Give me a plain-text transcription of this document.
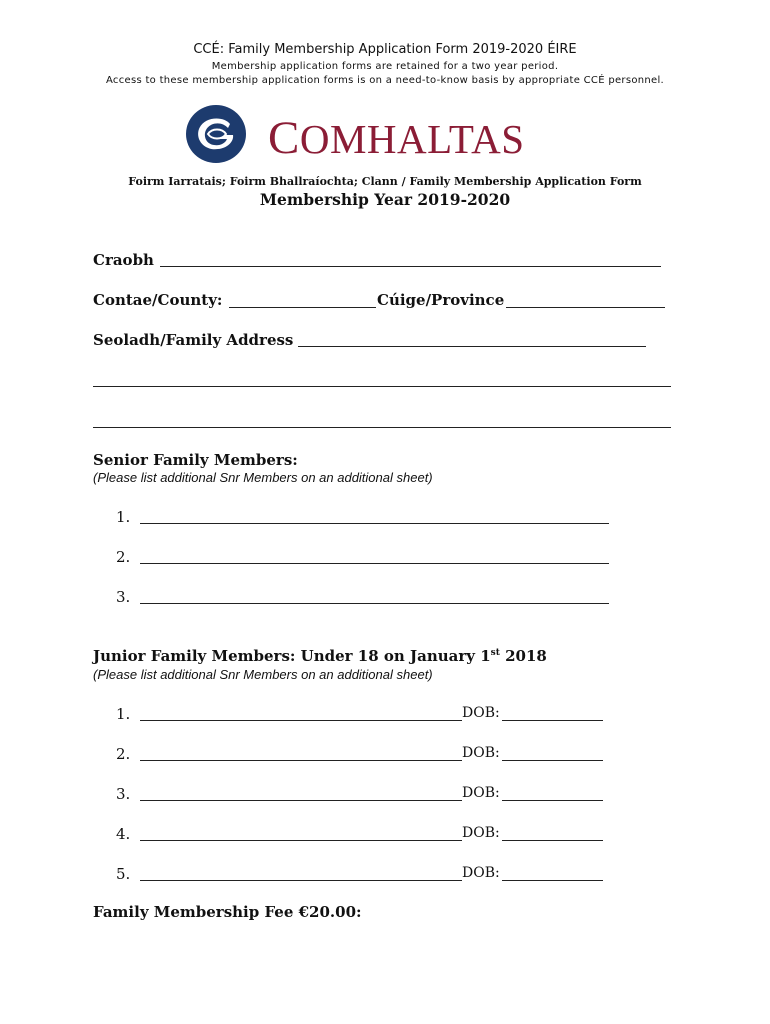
CCÉ: Family Membership Application Form 2019-2020 ÉIRE
Membership application forms are retained for a two year period.
Access to these membership application forms is on a need-to-know basis by appropriate CCÉ personnel.
COMHALTAS
Foirm Iarratais; Foirm Bhallraíochta; Clann / Family Membership Application Form
Membership Year 2019-2020
Craobh
Contae/County:	Cúige/Province
Seoladh/Family Address
Senior Family Members:
(Please list additional Snr Members on an additional sheet)
1.
2.
3.
Junior Family Members: Under 18 on January 1st 2018
(Please list additional Snr Members on an additional sheet)
1.	DOB:
2.	DOB:
3.	DOB:
4.	DOB:
5.	DOB:
Family Membership Fee €20.00:
